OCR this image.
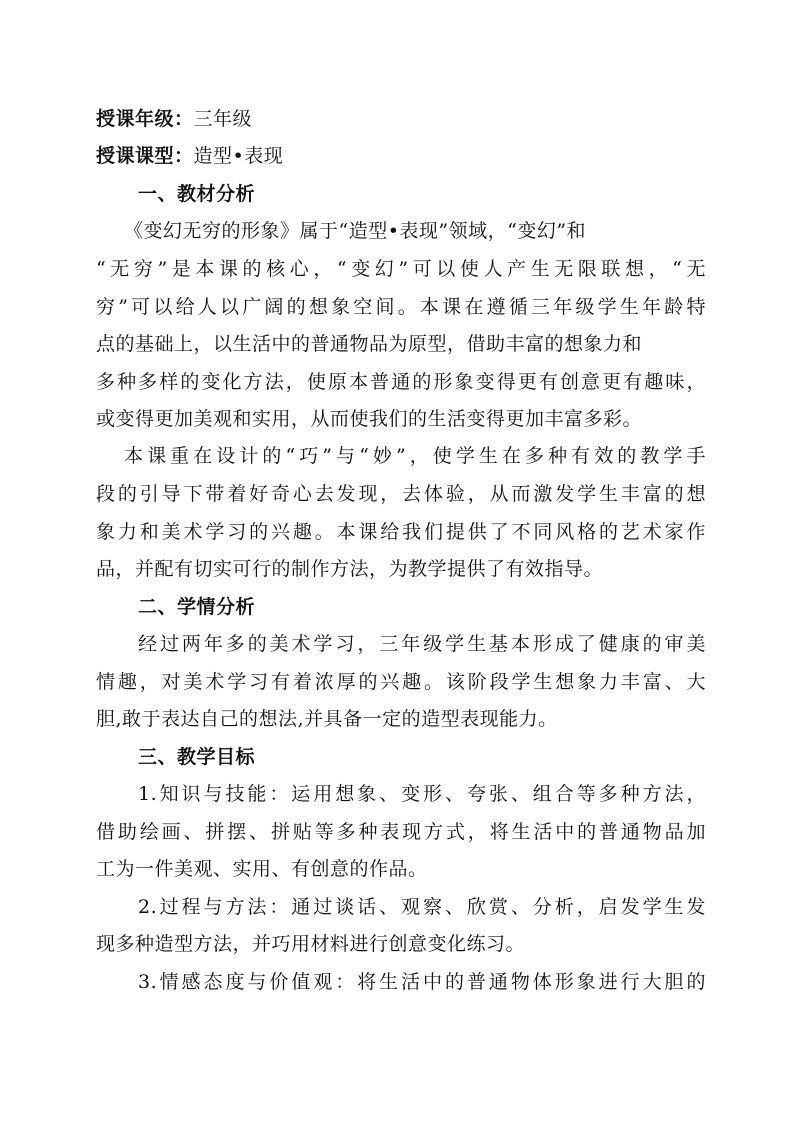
授课年级：三年级
授课课型：造型•表现
一、教材分析
《变幻无穷的形象》属于“造型•表现”领域，“变幻”和
“无穷”是本课的核心，“变幻”可以使人产生无限联想，“无
穷”可以给人以广阔的想象空间。本课在遵循三年级学生年龄特
点的基础上，以生活中的普通物品为原型，借助丰富的想象力和
多种多样的变化方法，使原本普通的形象变得更有创意更有趣味，
或变得更加美观和实用，从而使我们的生活变得更加丰富多彩。
本课重在设计的“巧”与“妙”，使学生在多种有效的教学手
段的引导下带着好奇心去发现，去体验，从而激发学生丰富的想
象力和美术学习的兴趣。本课给我们提供了不同风格的艺术家作
品，并配有切实可行的制作方法，为教学提供了有效指导。
二、学情分析
经过两年多的美术学习，三年级学生基本形成了健康的审美
情趣，对美术学习有着浓厚的兴趣。该阶段学生想象力丰富、大
胆,敢于表达自己的想法,并具备一定的造型表现能力。
三、教学目标
1.知识与技能：运用想象、变形、夸张、组合等多种方法，
借助绘画、拼摆、拼贴等多种表现方式，将生活中的普通物品加
工为一件美观、实用、有创意的作品。
2.过程与方法：通过谈话、观察、欣赏、分析，启发学生发
现多种造型方法，并巧用材料进行创意变化练习。
3.情感态度与价值观：将生活中的普通物体形象进行大胆的
